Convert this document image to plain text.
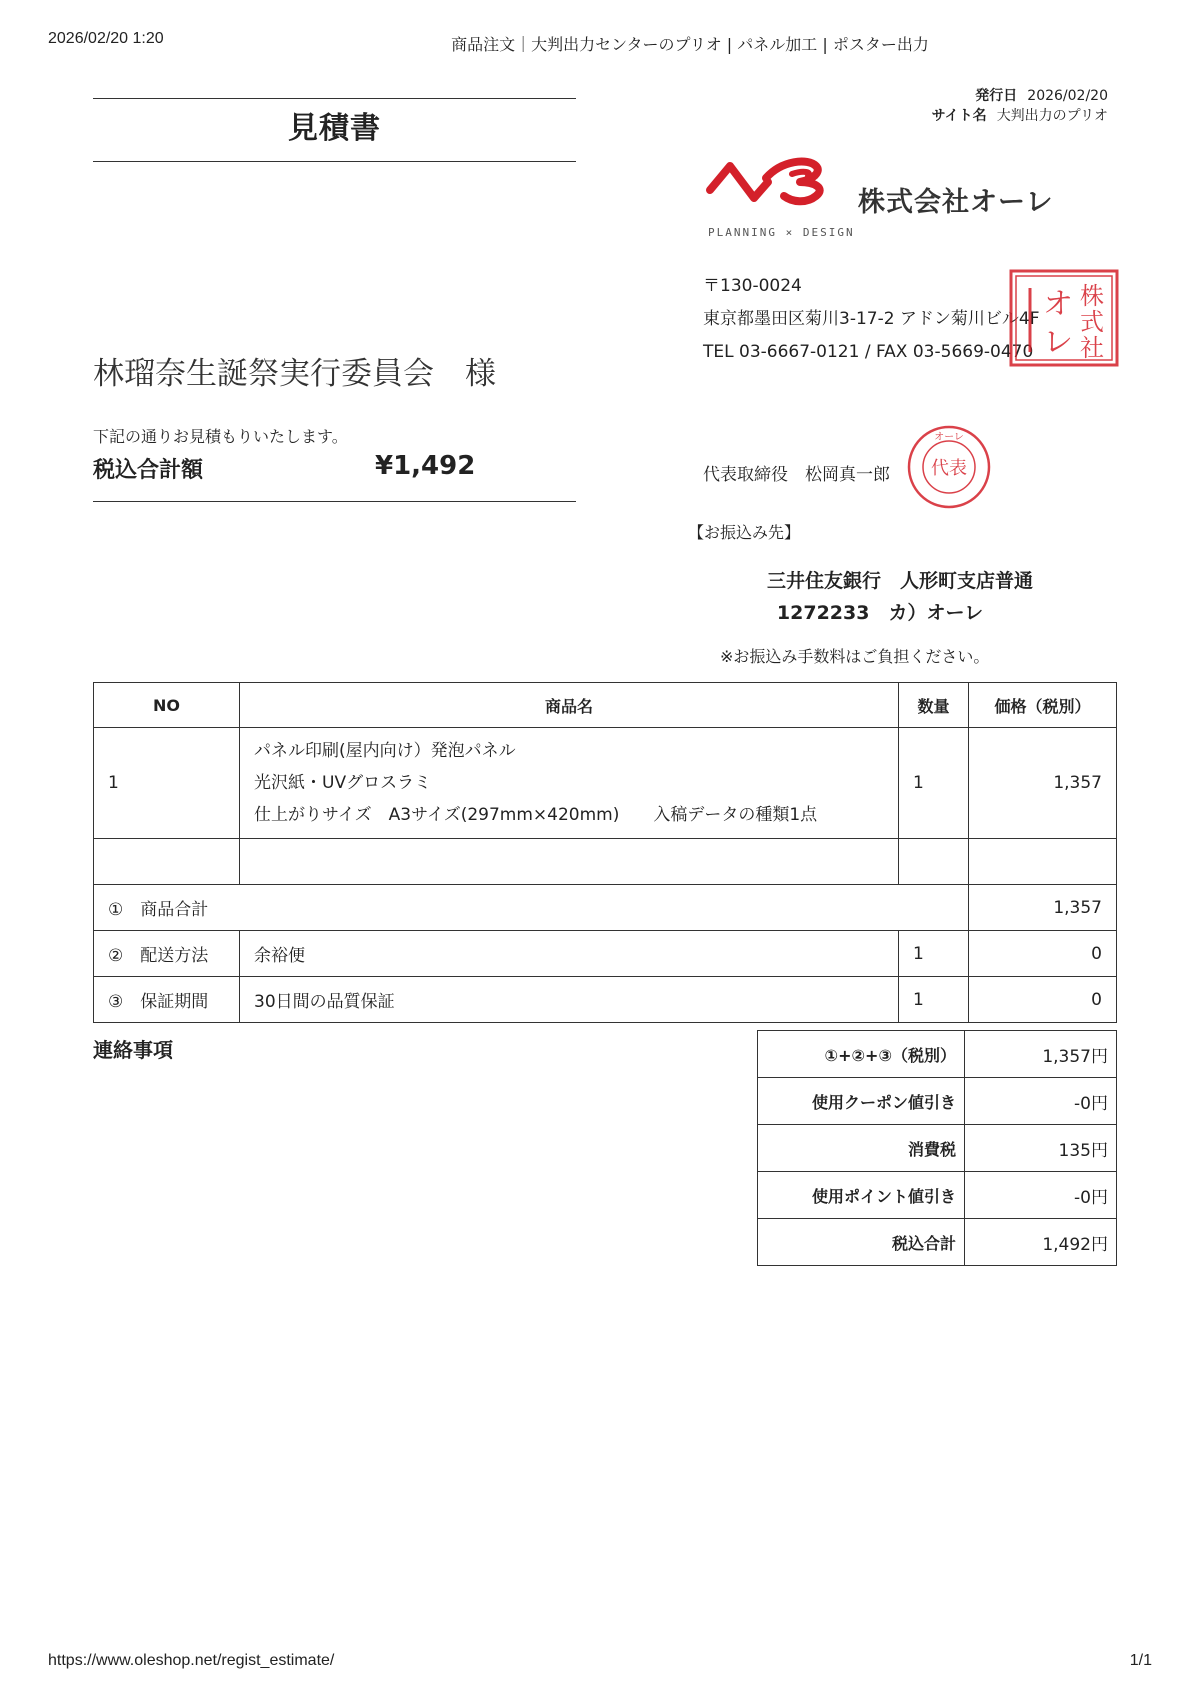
2026/02/20 1:20	商品注文｜大判出力センターのプリオ | パネル加工 | ポスター出力
https://www.oleshop.net/regist_estimate/	1/1
見積書
発行日 2026/02/20
サイト名 大判出力のプリオ
PLANNING × DESIGN
株式会社オーレ
〒130-0024
東京都墨田区菊川3-17-2 アドン菊川ビル4F
TEL 03-6667-0121 / FAX 03-5669-0470
株
式
社
オ
レ
代表取締役　松岡真一郎 代表
オーレ
林瑠奈生誕祭実行委員会　様
下記の通りお見積もりいたします。
税込合計額	¥1,492
【お振込み先】
三井住友銀行　人形町支店普通
1272233　カ）オーレ
※お振込み手数料はご負担ください。
NO	商品名	数量	価格（税別）
1	パネル印刷(屋内向け）発泡パネル
光沢紙・UVグロスラミ
仕上がりサイズ　A3サイズ(297mm×420mm)　　入稿データの種類1点	1	1,357

①　商品合計			1,357
②　配送方法	余裕便	1	0
③　保証期間	30日間の品質保証	1	0
連絡事項	①+②+③（税別）	1,357円
使用クーポン値引き	-0円
消費税	135円
使用ポイント値引き	-0円
税込合計	1,492円
